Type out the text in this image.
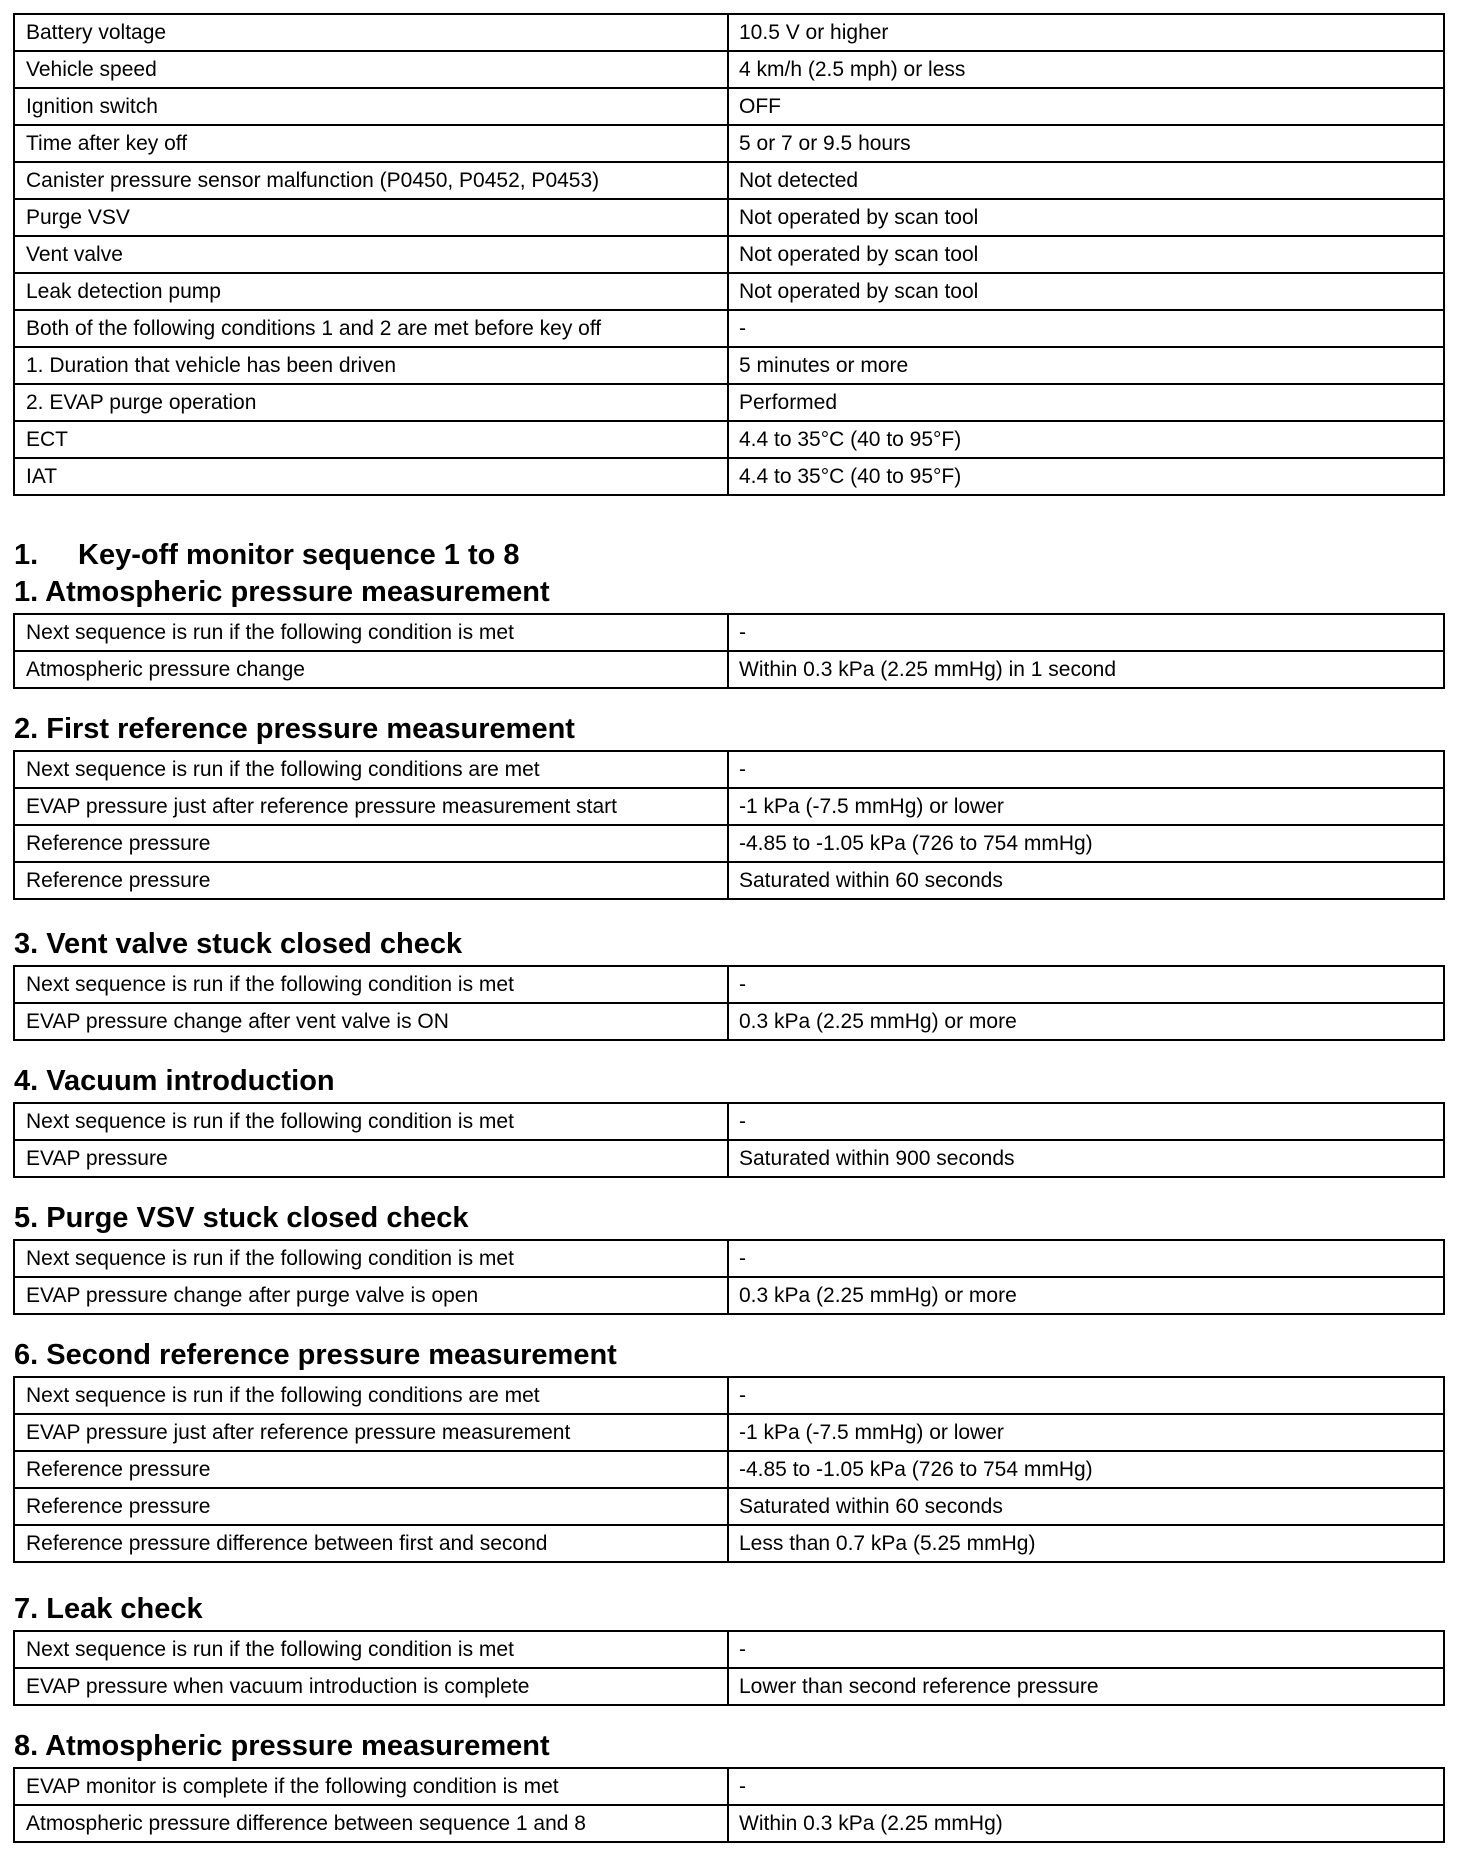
Battery voltage	10.5 V or higher
Vehicle speed	4 km/h (2.5 mph) or less
Ignition switch	OFF
Time after key off	5 or 7 or 9.5 hours
Canister pressure sensor malfunction (P0450, P0452, P0453)	Not detected
Purge VSV	Not operated by scan tool
Vent valve	Not operated by scan tool
Leak detection pump	Not operated by scan tool
Both of the following conditions 1 and 2 are met before key off	-
1. Duration that vehicle has been driven	5 minutes or more
2. EVAP purge operation	Performed
ECT	4.4 to 35°C (40 to 95°F)
IAT	4.4 to 35°C (40 to 95°F)
1. Key-off monitor sequence 1 to 8
1. Atmospheric pressure measurement
Next sequence is run if the following condition is met	-
Atmospheric pressure change	Within 0.3 kPa (2.25 mmHg) in 1 second
2. First reference pressure measurement
Next sequence is run if the following conditions are met	-
EVAP pressure just after reference pressure measurement start	-1 kPa (-7.5 mmHg) or lower
Reference pressure	-4.85 to -1.05 kPa (726 to 754 mmHg)
Reference pressure	Saturated within 60 seconds
3. Vent valve stuck closed check
Next sequence is run if the following condition is met	-
EVAP pressure change after vent valve is ON	0.3 kPa (2.25 mmHg) or more
4. Vacuum introduction
Next sequence is run if the following condition is met	-
EVAP pressure	Saturated within 900 seconds
5. Purge VSV stuck closed check
Next sequence is run if the following condition is met	-
EVAP pressure change after purge valve is open	0.3 kPa (2.25 mmHg) or more
6. Second reference pressure measurement
Next sequence is run if the following conditions are met	-
EVAP pressure just after reference pressure measurement	-1 kPa (-7.5 mmHg) or lower
Reference pressure	-4.85 to -1.05 kPa (726 to 754 mmHg)
Reference pressure	Saturated within 60 seconds
Reference pressure difference between first and second	Less than 0.7 kPa (5.25 mmHg)
7. Leak check
Next sequence is run if the following condition is met	-
EVAP pressure when vacuum introduction is complete	Lower than second reference pressure
8. Atmospheric pressure measurement
EVAP monitor is complete if the following condition is met	-
Atmospheric pressure difference between sequence 1 and 8	Within 0.3 kPa (2.25 mmHg)
